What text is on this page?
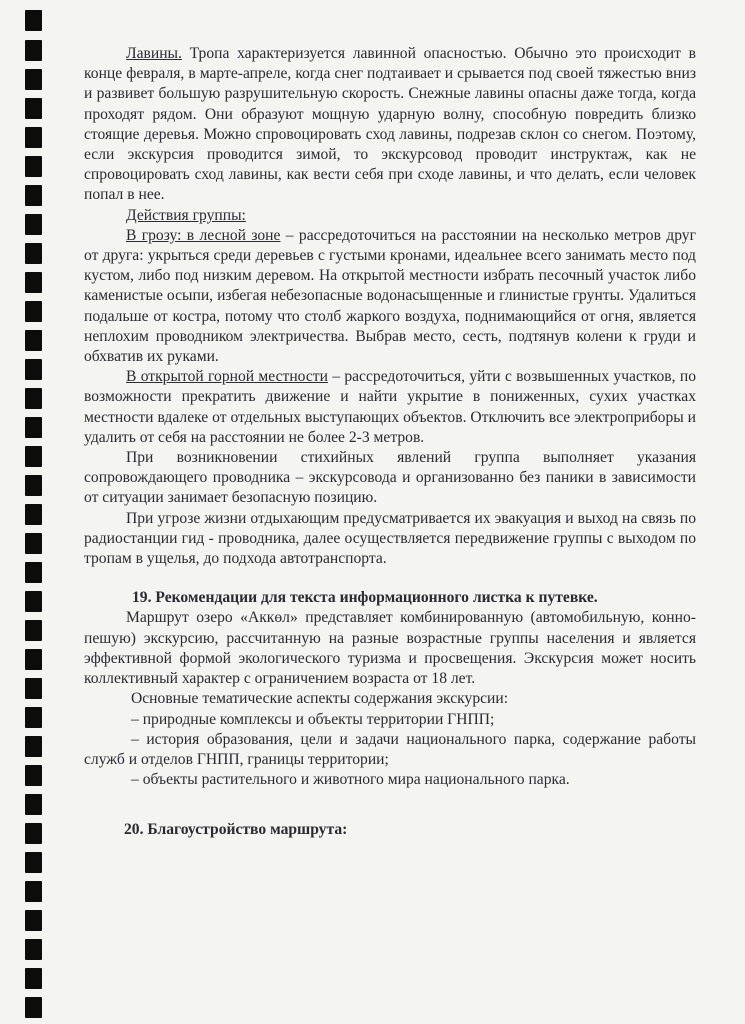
Лавины. Тропа характеризуется лавинной опасностью. Обычно это происходит в конце февраля, в марте-апреле, когда снег подтаивает и срывается под своей тяжестью вниз и развивет большую разрушительную скорость. Снежные лавины опасны даже тогда, когда проходят рядом. Они образуют мощную ударную волну, способную повредить близко стоящие деревья. Можно спровоцировать сход лавины, подрезав склон со снегом. Поэтому, если экскурсия проводится зимой, то экскурсовод проводит инструктаж, как не спровоцировать сход лавины, как вести себя при сходе лавины, и что делать, если человек попал в нее.

Действия группы:

В грозу: в лесной зоне – рассредоточиться на расстоянии на несколько метров друг от друга: укрыться среди деревьев с густыми кронами, идеальнее всего занимать место под кустом, либо под низким деревом. На открытой местности избрать песочный участок либо каменистые осыпи, избегая небезопасные водонасыщенные и глинистые грунты. Удалиться подальше от костра, потому что столб жаркого воздуха, поднимающийся от огня, является неплохим проводником электричества. Выбрав место, сесть, подтянув колени к груди и обхватив их руками.

В открытой горной местности – рассредоточиться, уйти с возвышенных участков, по возможности прекратить движение и найти укрытие в пониженных, сухих участках местности вдалеке от отдельных выступающих объектов. Отключить все электроприборы и удалить от себя на расстоянии не более 2-3 метров.

При возникновении стихийных явлений группа выполняет указания сопровождающего проводника – экскурсовода и организованно без паники в зависимости от ситуации занимает безопасную позицию.

При угрозе жизни отдыхающим предусматривается их эвакуация и выход на связь по радиостанции гид - проводника, далее осуществляется передвижение группы с выходом по тропам в ущелья, до подхода автотранспорта.

19. Рекомендации для текста информационного листка к путевке.

Маршрут озеро «Аккөл» представляет комбинированную (автомобильную, конно-пешую) экскурсию, рассчитанную на разные возрастные группы населения и является эффективной формой экологического туризма и просвещения. Экскурсия может носить коллективный характер с ограничением возраста от 18 лет.

Основные тематические аспекты содержания экскурсии:

– природные комплексы и объекты территории ГНПП;

– история образования, цели и задачи национального парка, содержание работы служб и отделов ГНПП, границы территории;

– объекты растительного и животного мира национального парка.

20. Благоустройство маршрута:
